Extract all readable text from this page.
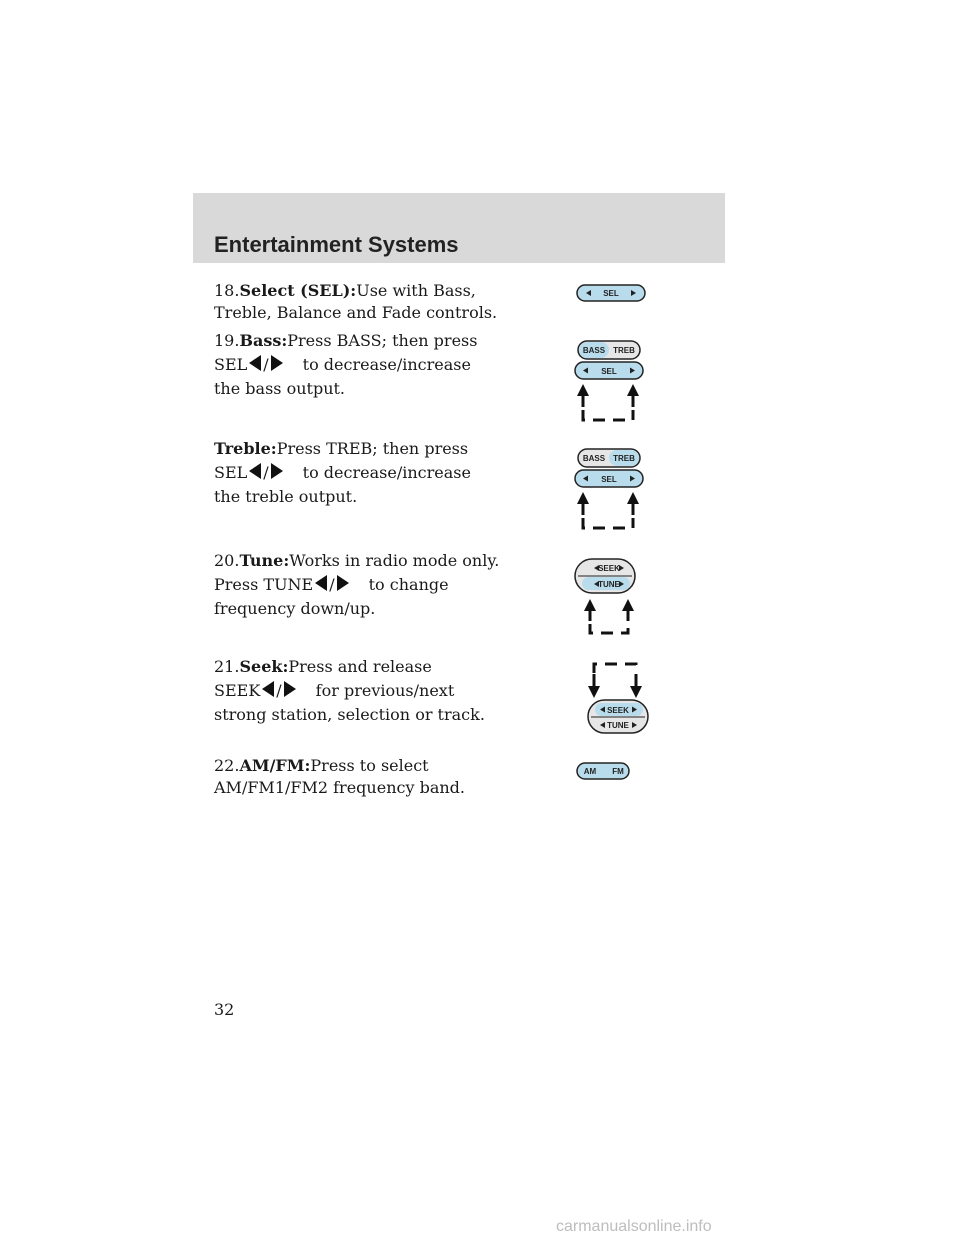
Entertainment Systems
18.Select (SEL):Use with Bass,
Treble, Balance and Fade controls.
19.Bass:Press BASS; then press
SEL / to decrease/increase
the bass output.
Treble:Press TREB; then press
SEL / to decrease/increase
the treble output.
20.Tune:Works in radio mode only.
Press TUNE / to change
frequency down/up.
21.Seek:Press and release
SEEK / for previous/next
strong station, selection or track.
22.AM/FM:Press to select
AM/FM1/FM2 frequency band.
SEL
BASS TREB
SEL
BASS TREB
SEL
SEEK
TUNE
SEEK
TUNE
AM FM
32
carmanualsonline.info
